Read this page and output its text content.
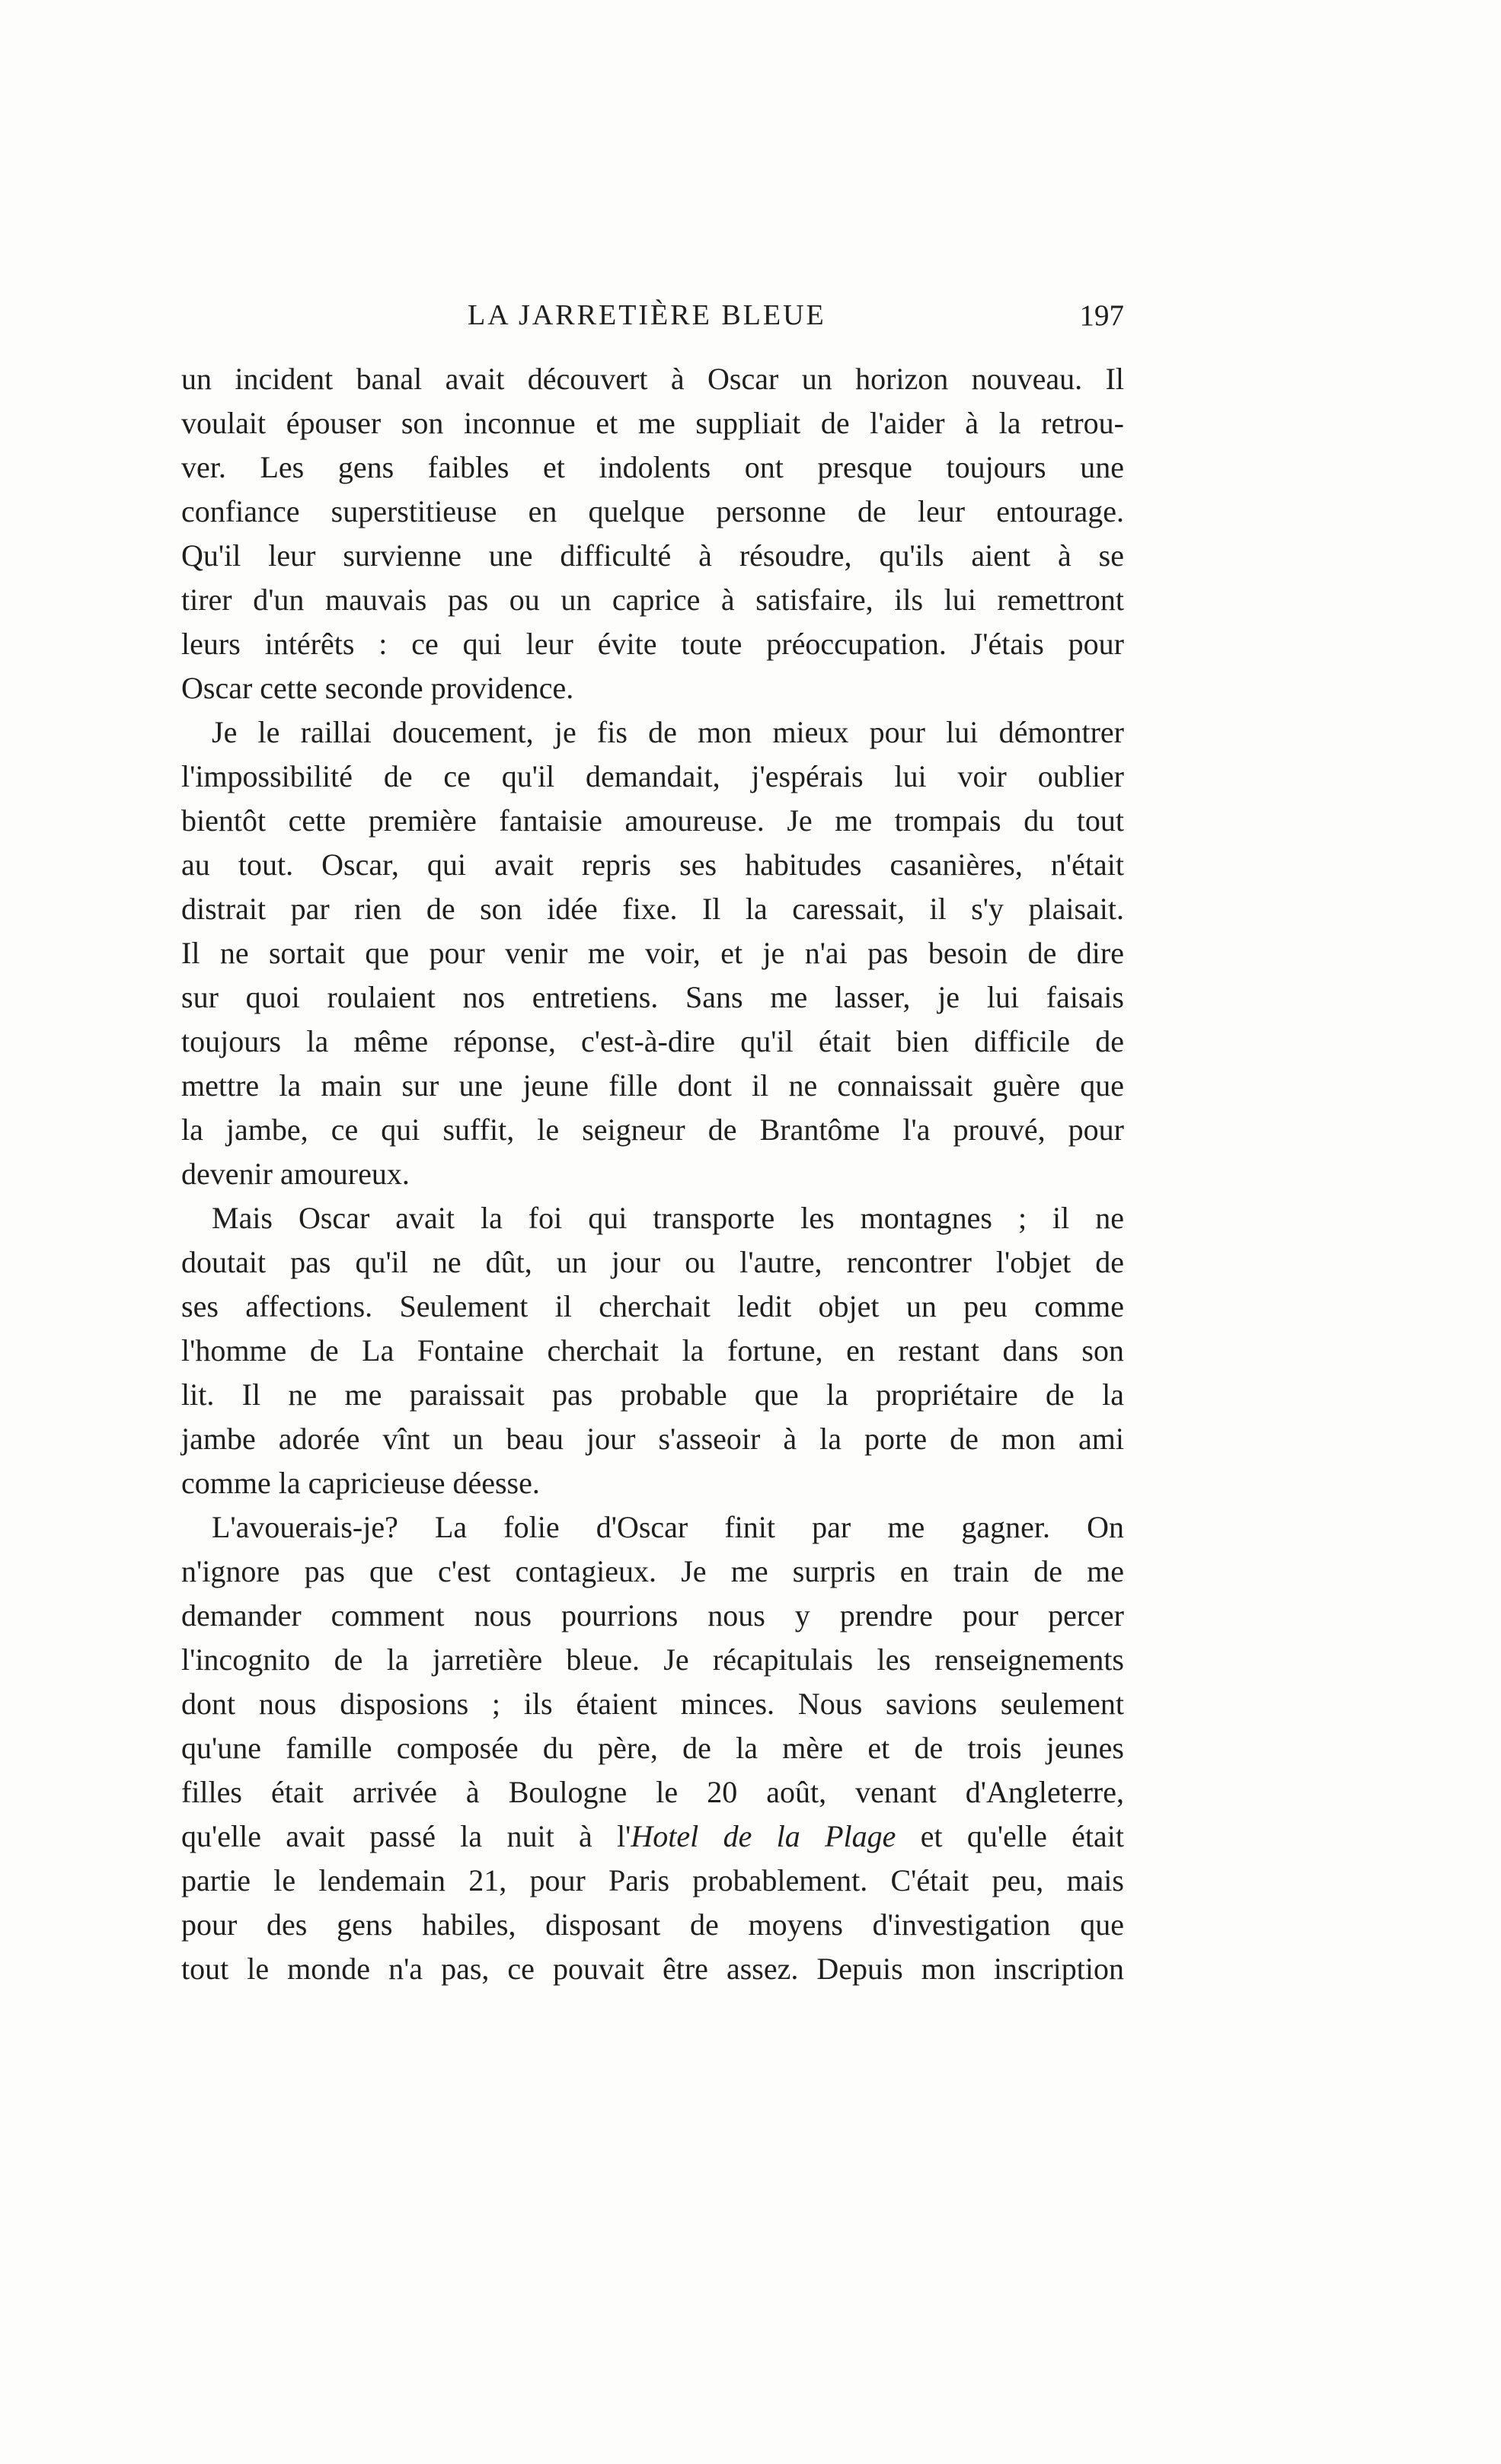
LA JARRETIÈRE BLEUE	197

un incident banal avait découvert à Oscar un horizon nouveau. Il
voulait épouser son inconnue et me suppliait de l'aider à la retrou-
ver. Les gens faibles et indolents ont presque toujours une
confiance superstitieuse en quelque personne de leur entourage.
Qu'il leur survienne une difficulté à résoudre, qu'ils aient à se
tirer d'un mauvais pas ou un caprice à satisfaire, ils lui remettront
leurs intérêts : ce qui leur évite toute préoccupation. J'étais pour
Oscar cette seconde providence.

Je le raillai doucement, je fis de mon mieux pour lui démontrer
l'impossibilité de ce qu'il demandait, j'espérais lui voir oublier
bientôt cette première fantaisie amoureuse. Je me trompais du tout
au tout. Oscar, qui avait repris ses habitudes casanières, n'était
distrait par rien de son idée fixe. Il la caressait, il s'y plaisait.
Il ne sortait que pour venir me voir, et je n'ai pas besoin de dire
sur quoi roulaient nos entretiens. Sans me lasser, je lui faisais
toujours la même réponse, c'est-à-dire qu'il était bien difficile de
mettre la main sur une jeune fille dont il ne connaissait guère que
la jambe, ce qui suffit, le seigneur de Brantôme l'a prouvé, pour
devenir amoureux.

Mais Oscar avait la foi qui transporte les montagnes ; il ne
doutait pas qu'il ne dût, un jour ou l'autre, rencontrer l'objet de
ses affections. Seulement il cherchait ledit objet un peu comme
l'homme de La Fontaine cherchait la fortune, en restant dans son
lit. Il ne me paraissait pas probable que la propriétaire de la
jambe adorée vînt un beau jour s'asseoir à la porte de mon ami
comme la capricieuse déesse.

L'avouerais-je? La folie d'Oscar finit par me gagner. On
n'ignore pas que c'est contagieux. Je me surpris en train de me
demander comment nous pourrions nous y prendre pour percer
l'incognito de la jarretière bleue. Je récapitulais les renseignements
dont nous disposions ; ils étaient minces. Nous savions seulement
qu'une famille composée du père, de la mère et de trois jeunes
filles était arrivée à Boulogne le 20 août, venant d'Angleterre,
qu'elle avait passé la nuit à l'Hotel de la Plage et qu'elle était
partie le lendemain 21, pour Paris probablement. C'était peu, mais
pour des gens habiles, disposant de moyens d'investigation que
tout le monde n'a pas, ce pouvait être assez. Depuis mon inscription
